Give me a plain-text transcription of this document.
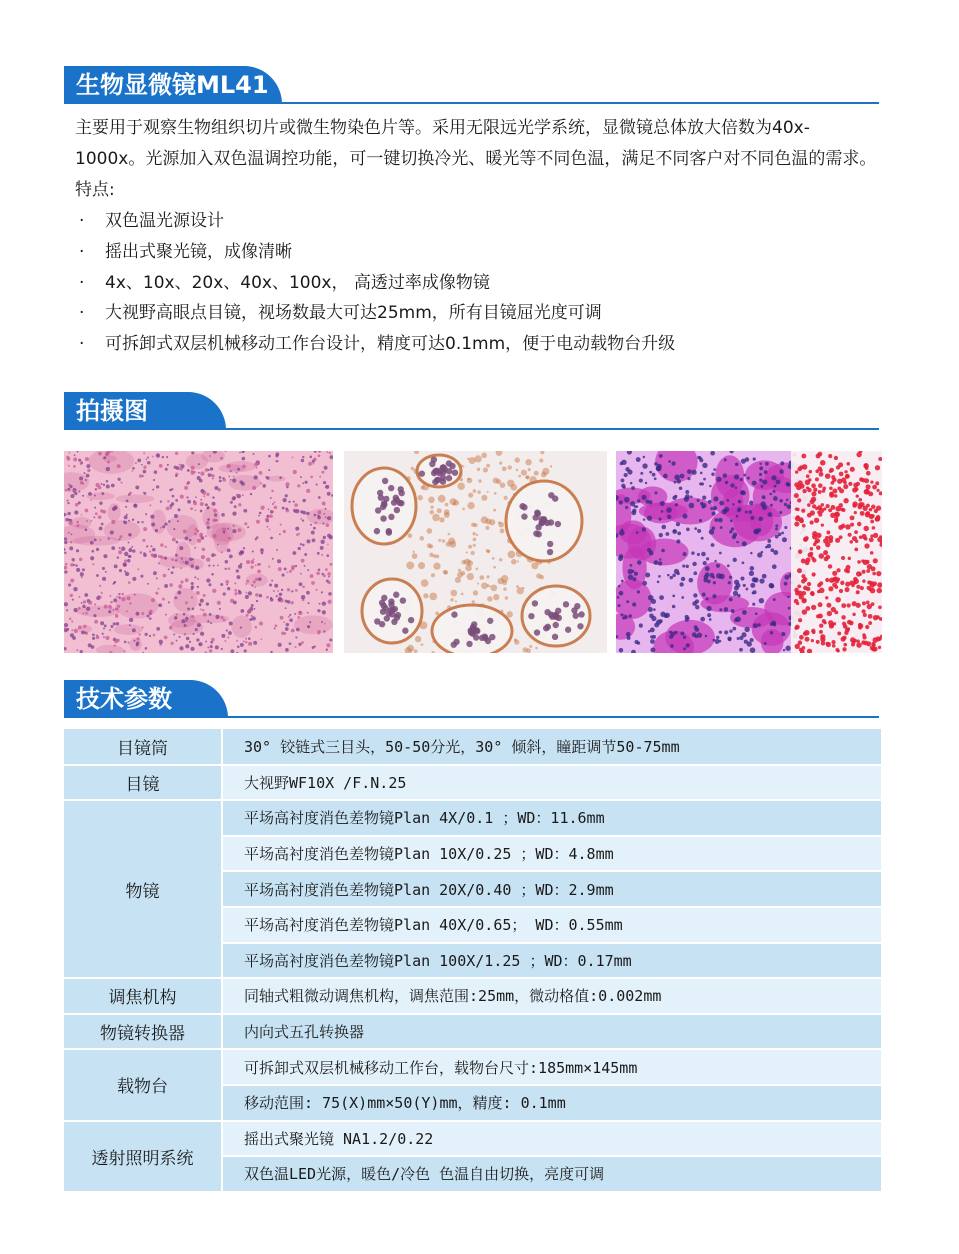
生物显微镜ML41

主要用于观察生物组织切片或微生物染色片等。采用无限远光学系统，显微镜总体放大倍数为40x-1000x。光源加入双色温调控功能，可一键切换冷光、暖光等不同色温，满足不同客户对不同色温的需求。

特点:

· 双色温光源设计
· 摇出式聚光镜，成像清晰
· 4x、10x、20x、40x、100x， 高透过率成像物镜
· 大视野高眼点目镜，视场数最大可达25mm，所有目镜屈光度可调
· 可拆卸式双层机械移动工作台设计，精度可达0.1mm，便于电动载物台升级
拍摄图
技术参数
目镜筒	30° 铰链式三目头，50-50分光，30° 倾斜，瞳距调节50-75mm
目镜	大视野WF10X /F.N.25
物镜	平场高衬度消色差物镜Plan 4X/0.1 ；WD：11.6mm
	平场高衬度消色差物镜Plan 10X/0.25 ；WD：4.8mm
	平场高衬度消色差物镜Plan 20X/0.40 ；WD：2.9mm
	平场高衬度消色差物镜Plan 40X/0.65； WD：0.55mm
	平场高衬度消色差物镜Plan 100X/1.25 ；WD：0.17mm
调焦机构	同轴式粗微动调焦机构，调焦范围:25mm，微动格值:0.002mm
物镜转换器	内向式五孔转换器
载物台	可拆卸式双层机械移动工作台，载物台尺寸:185mm×145mm
	移动范围: 75(X)mm×50(Y)mm，精度: 0.1mm
透射照明系统	摇出式聚光镜 NA1.2/0.22
	双色温LED光源，暖色/冷色 色温自由切换，亮度可调
